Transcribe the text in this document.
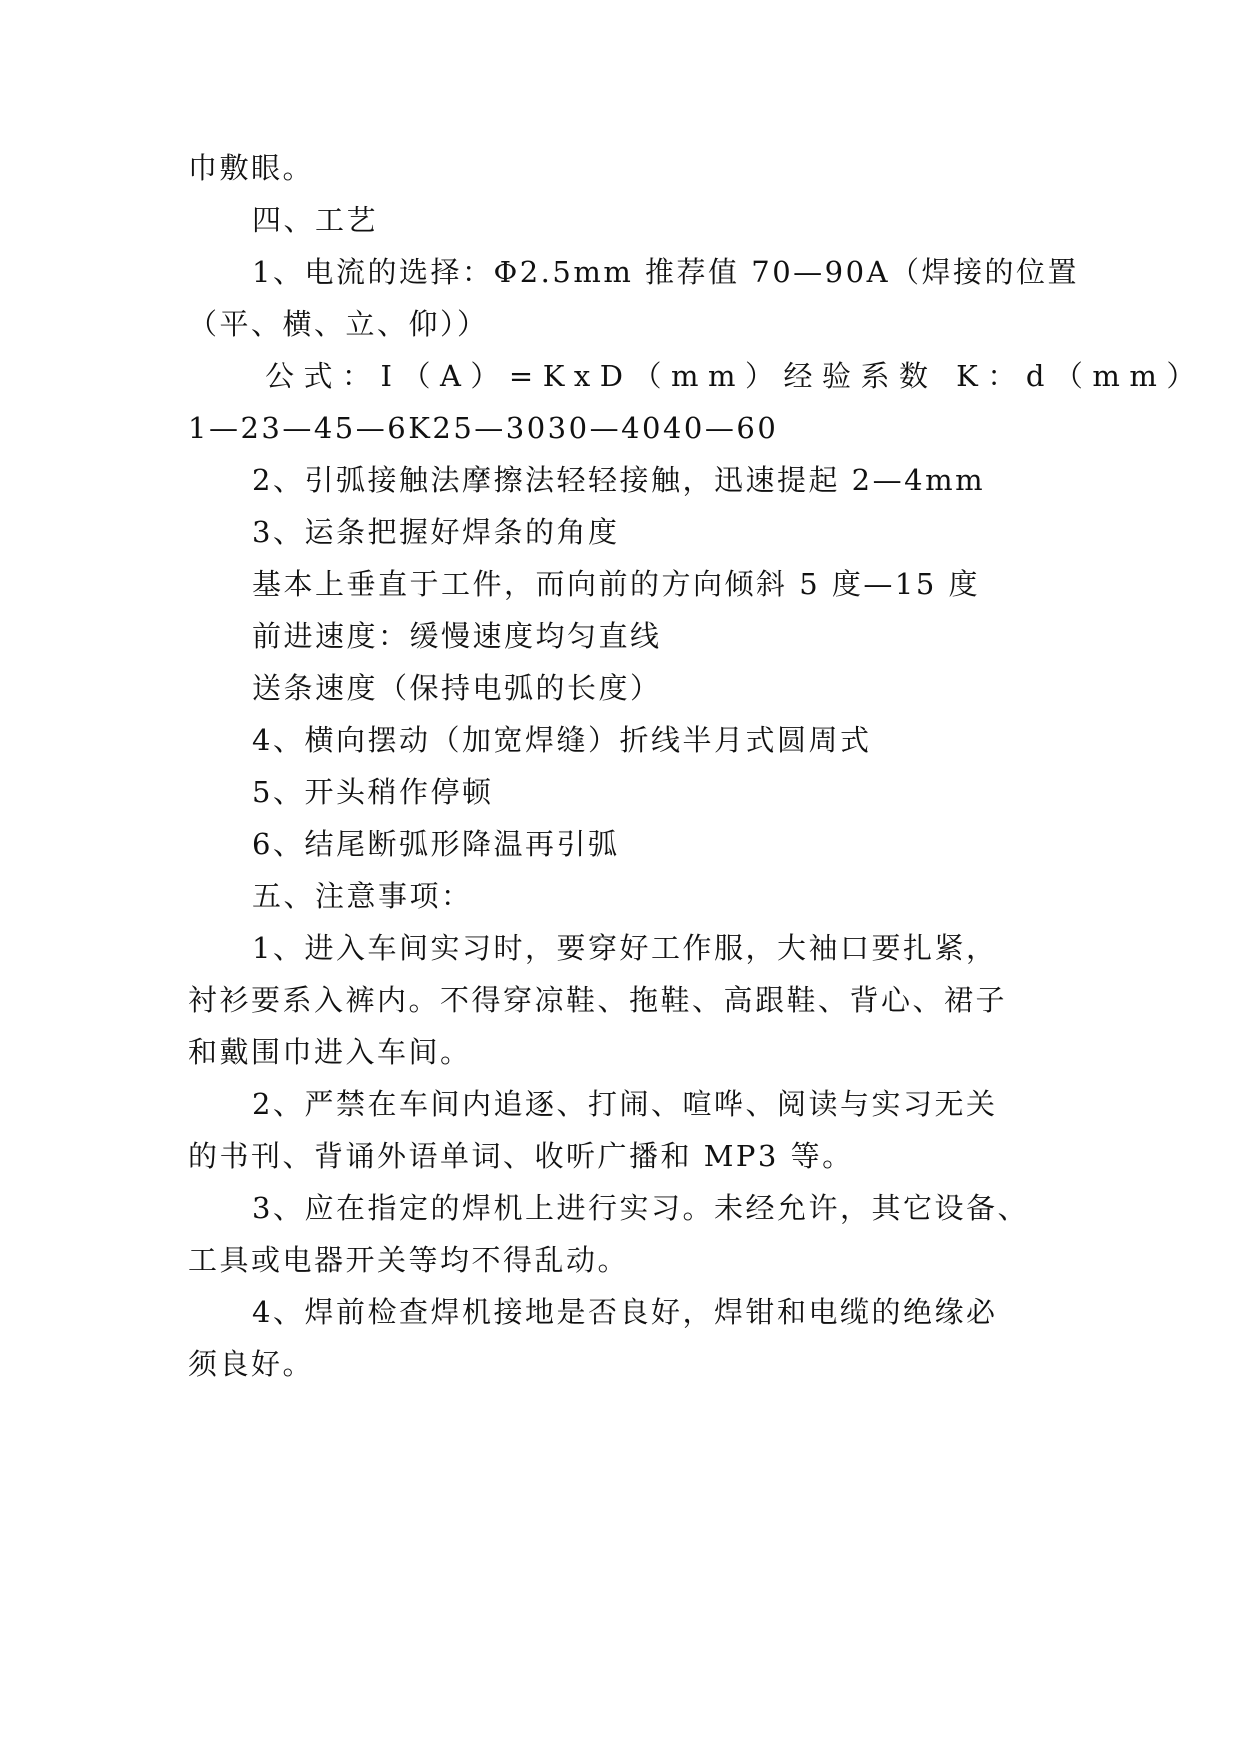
巾敷眼。
四、工艺
1、电流的选择：Φ2.5mm 推荐值 70—90A（焊接的位置
（平、横、立、仰））
公式：I（A）=KxD（mm）经验系数 K：d（mm）
1—23—45—6K25—3030—4040—60
2、引弧接触法摩擦法轻轻接触，迅速提起 2—4mm
3、运条把握好焊条的角度
基本上垂直于工件，而向前的方向倾斜 5 度—15 度
前进速度：缓慢速度均匀直线
送条速度（保持电弧的长度）
4、横向摆动（加宽焊缝）折线半月式圆周式
5、开头稍作停顿
6、结尾断弧形降温再引弧
五、注意事项：
1、进入车间实习时，要穿好工作服，大袖口要扎紧，
衬衫要系入裤内。不得穿凉鞋、拖鞋、高跟鞋、背心、裙子
和戴围巾进入车间。
2、严禁在车间内追逐、打闹、喧哗、阅读与实习无关
的书刊、背诵外语单词、收听广播和 MP3 等。
3、应在指定的焊机上进行实习。未经允许，其它设备、
工具或电器开关等均不得乱动。
4、焊前检查焊机接地是否良好，焊钳和电缆的绝缘必
须良好。
